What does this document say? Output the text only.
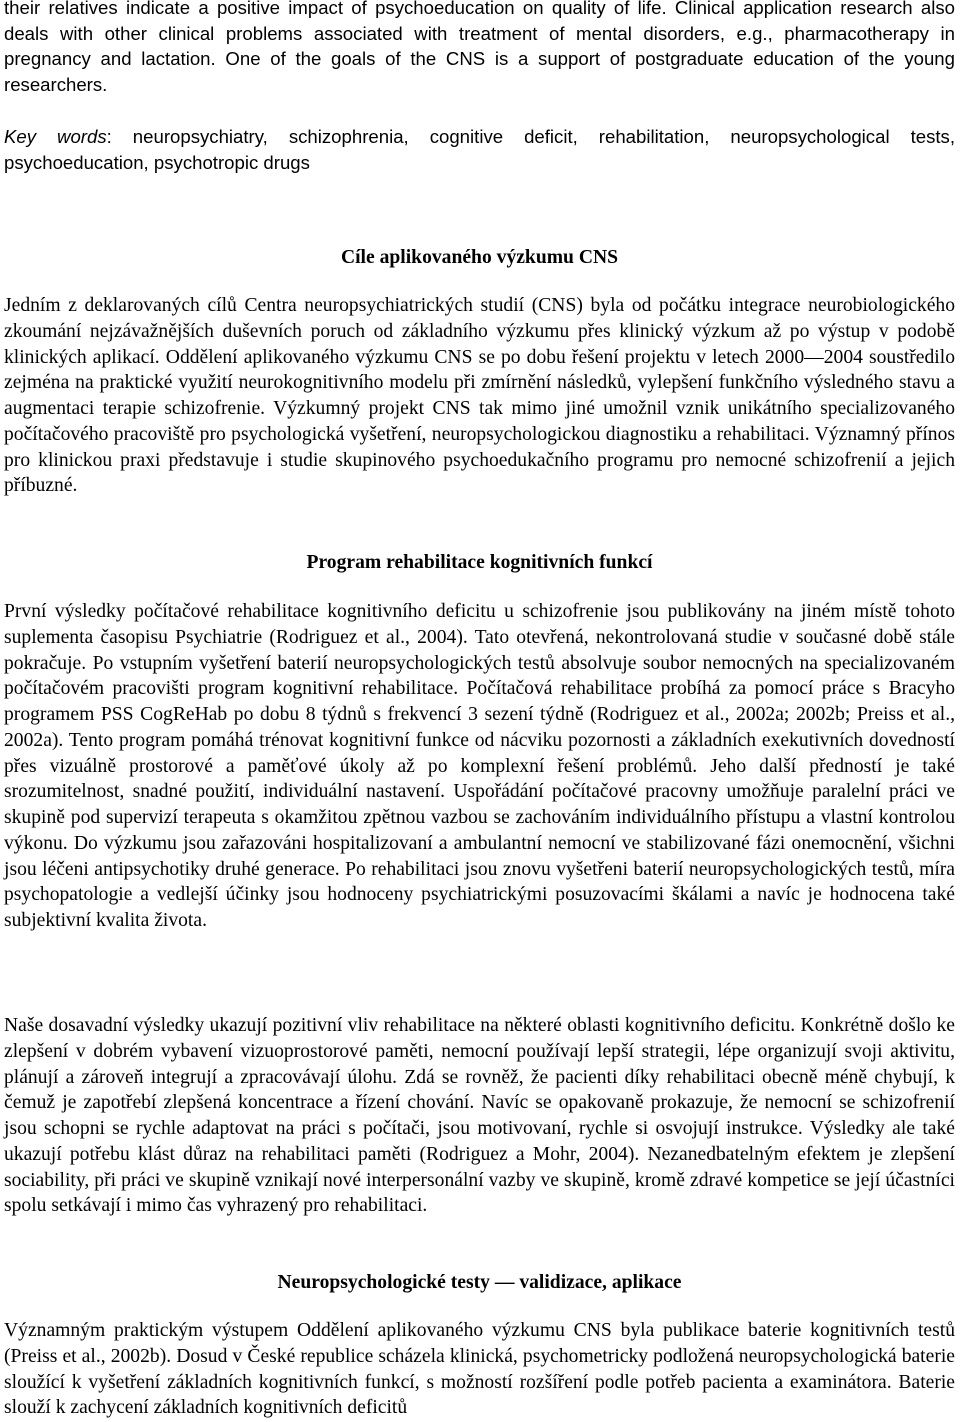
their relatives indicate a positive impact of psychoeducation on quality of life. Clinical application research also deals with other clinical problems associated with treatment of mental disorders, e.g., pharmacotherapy in pregnancy and lactation. One of the goals of the CNS is a support of postgraduate education of the young researchers.

Key words: neuropsychiatry, schizophrenia, cognitive deficit, rehabilitation, neuropsychological tests, psychoeducation, psychotropic drugs

Cíle aplikovaného výzkumu CNS

Jedním z deklarovaných cílů Centra neuropsychiatrických studií (CNS) byla od počátku integrace neurobiologického zkoumání nejzávažnějších duševních poruch od základního výzkumu přes klinický výzkum až po výstup v podobě klinických aplikací. Oddělení aplikovaného výzkumu CNS se po dobu řešení projektu v letech 2000—2004 soustředilo zejména na praktické využití neurokognitivního modelu při zmírnění následků, vylepšení funkčního výsledného stavu a augmentaci terapie schizofrenie. Výzkumný projekt CNS tak mimo jiné umožnil vznik unikátního specializovaného počítačového pracoviště pro psychologická vyšetření, neuropsychologickou diagnostiku a rehabilitaci. Významný přínos pro klinickou praxi představuje i studie skupinového psychoedukačního programu pro nemocné schizofrenií a jejich příbuzné.

Program rehabilitace kognitivních funkcí

První výsledky počítačové rehabilitace kognitivního deficitu u schizofrenie jsou publikovány na jiném místě tohoto suplementa časopisu Psychiatrie (Rodriguez et al., 2004). Tato otevřená, nekontrolovaná studie v současné době stále pokračuje. Po vstupním vyšetření baterií neuropsychologických testů absolvuje soubor nemocných na specializovaném počítačovém pracovišti program kognitivní rehabilitace. Počítačová rehabilitace probíhá za pomocí práce s Bracyho programem PSS CogReHab po dobu 8 týdnů s frekvencí 3 sezení týdně (Rodriguez et al., 2002a; 2002b; Preiss et al., 2002a). Tento program pomáhá trénovat kognitivní funkce od nácviku pozornosti a základních exekutivních dovedností přes vizuálně prostorové a paměťové úkoly až po komplexní řešení problémů. Jeho další předností je také srozumitelnost, snadné použití, individuální nastavení. Uspořádání počítačové pracovny umožňuje paralelní práci ve skupině pod supervizí terapeuta s okamžitou zpětnou vazbou se zachováním individuálního přístupu a vlastní kontrolou výkonu. Do výzkumu jsou zařazováni hospitalizovaní a ambulantní nemocní ve stabilizované fázi onemocnění, všichni jsou léčeni antipsychotiky druhé generace. Po rehabilitaci jsou znovu vyšetřeni baterií neuropsychologických testů, míra psychopatologie a vedlejší účinky jsou hodnoceny psychiatrickými posuzovacími škálami a navíc je hodnocena také subjektivní kvalita života.

Naše dosavadní výsledky ukazují pozitivní vliv rehabilitace na některé oblasti kognitivního deficitu. Konkrétně došlo ke zlepšení v dobrém vybavení vizuoprostorové paměti, nemocní používají lepší strategii, lépe organizují svoji aktivitu, plánují a zároveň integrují a zpracovávají úlohu. Zdá se rovněž, že pacienti díky rehabilitaci obecně méně chybují, k čemuž je zapotřebí zlepšená koncentrace a řízení chování. Navíc se opakovaně prokazuje, že nemocní se schizofrenií jsou schopni se rychle adaptovat na práci s počítači, jsou motivovaní, rychle si osvojují instrukce. Výsledky ale také ukazují potřebu klást důraz na rehabilitaci paměti (Rodriguez a Mohr, 2004). Nezanedbatelným efektem je zlepšení sociability, při práci ve skupině vznikají nové interpersonální vazby ve skupině, kromě zdravé kompetice se její účastníci spolu setkávají i mimo čas vyhrazený pro rehabilitaci.

Neuropsychologické testy — validizace, aplikace

Významným praktickým výstupem Oddělení aplikovaného výzkumu CNS byla publikace baterie kognitivních testů (Preiss et al., 2002b). Dosud v České republice scházela klinická, psychometricky podložená neuropsychologická baterie sloužící k vyšetření základních kognitivních funkcí, s možností rozšíření podle potřeb pacienta a examinátora. Baterie slouží k zachycení základních kognitivních deficitů
